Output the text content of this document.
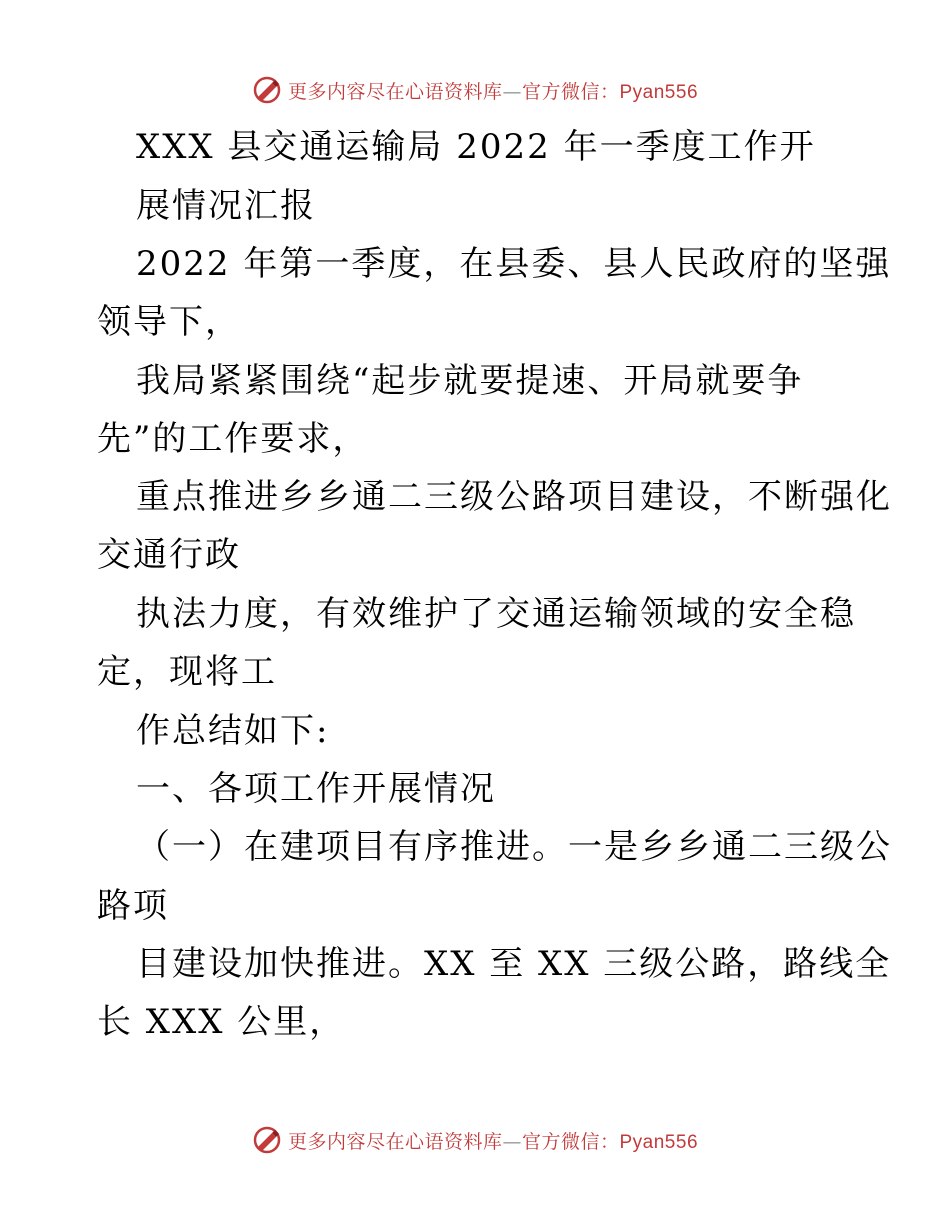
更多内容尽在心语资料库—官方微信：Pyan556
XXX 县交通运输局 2022 年一季度工作开
展情况汇报
2022 年第一季度，在县委、县人民政府的坚强
领导下，
我局紧紧围绕“起步就要提速、开局就要争
先”的工作要求，
重点推进乡乡通二三级公路项目建设，不断强化
交通行政
执法力度，有效维护了交通运输领域的安全稳
定，现将工
作总结如下:
一、各项工作开展情况
（一）在建项目有序推进。一是乡乡通二三级公
路项
目建设加快推进。XX 至 XX 三级公路，路线全
长 XXX 公里，
更多内容尽在心语资料库—官方微信：Pyan556
